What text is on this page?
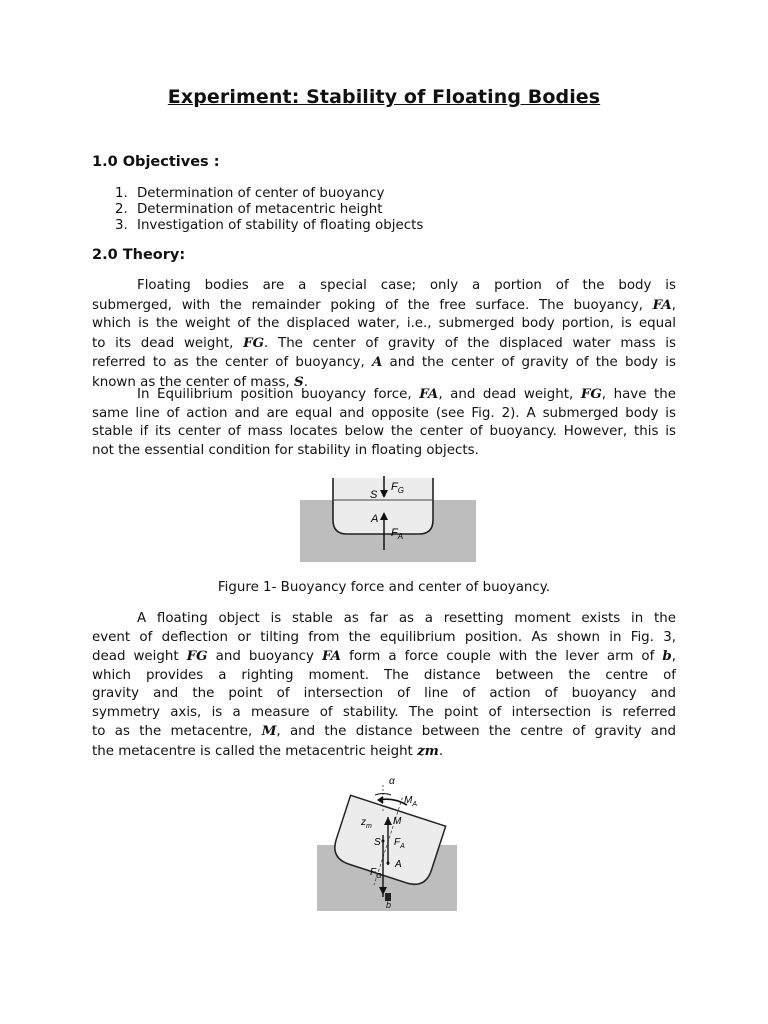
Experiment: Stability of Floating Bodies
1.0 Objectives :
1. Determination of center of buoyancy
2. Determination of metacentric height
3. Investigation of stability of floating objects
2.0 Theory:
Floating bodies are a special case; only a portion of the body is
submerged, with the remainder poking of the free surface. The buoyancy, FA,
which is the weight of the displaced water, i.e., submerged body portion, is equal
to its dead weight, FG. The center of gravity of the displaced water mass is
referred to as the center of buoyancy, A and the center of gravity of the body is
known as the center of mass, S.
In Equilibrium position buoyancy force, FA, and dead weight, FG, have the
same line of action and are equal and opposite (see Fig. 2). A submerged body is
stable if its center of mass locates below the center of buoyancy. However, this is
not the essential condition for stability in floating objects.
S
$F_G$
A
$F_A$
Figure 1- Buoyancy force and center of buoyancy.
A floating object is stable as far as a resetting moment exists in the
event of deflection or tilting from the equilibrium position. As shown in Fig. 3,
dead weight FG and buoyancy FA form a force couple with the lever arm of b,
which provides a righting moment. The distance between the centre of
gravity and the point of intersection of line of action of buoyancy and
symmetry axis, is a measure of stability. The point of intersection is referred
to as the metacentre, M, and the distance between the centre of gravity and
the metacentre is called the metacentric height zm.
α
$M_A$
$z_m$ M
S $F_A$
A
$F_G$
b
